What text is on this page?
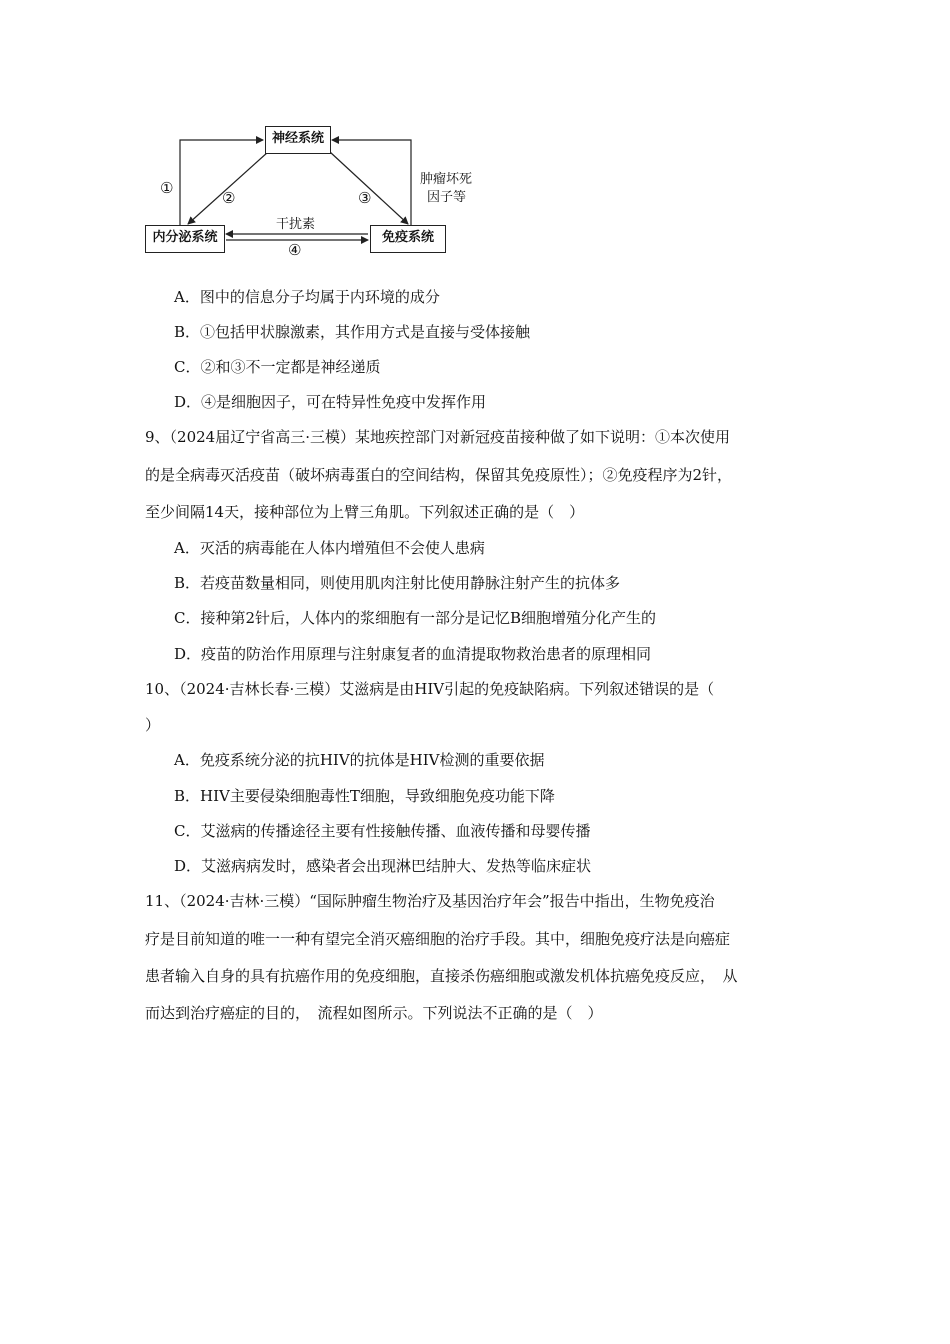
神经系统
内分泌系统	免疫系统
①
②	③
④
干扰素
肿瘤坏死
因子等
A．图中的信息分子均属于内环境的成分
B．①包括甲状腺激素，其作用方式是直接与受体接触
C．②和③不一定都是神经递质
D．④是细胞因子，可在特异性免疫中发挥作用
9、（2024届辽宁省高三·三模）某地疾控部门对新冠疫苗接种做了如下说明：①本次使用
的是全病毒灭活疫苗（破坏病毒蛋白的空间结构，保留其免疫原性）；②免疫程序为2针，
至少间隔14天，接种部位为上臂三角肌。下列叙述正确的是（　）
A．灭活的病毒能在人体内增殖但不会使人患病
B．若疫苗数量相同，则使用肌肉注射比使用静脉注射产生的抗体多
C．接种第2针后，人体内的浆细胞有一部分是记忆B细胞增殖分化产生的
D．疫苗的防治作用原理与注射康复者的血清提取物救治患者的原理相同
10、（2024·吉林长春·三模）艾滋病是由HIV引起的免疫缺陷病。下列叙述错误的是（
）
A．免疫系统分泌的抗HIV的抗体是HIV检测的重要依据
B．HIV主要侵染细胞毒性T细胞，导致细胞免疫功能下降
C．艾滋病的传播途径主要有性接触传播、血液传播和母婴传播
D．艾滋病病发时，感染者会出现淋巴结肿大、发热等临床症状
11、（2024·吉林·三模）“国际肿瘤生物治疗及基因治疗年会”报告中指出，生物免疫治
疗是目前知道的唯一一种有望完全消灭癌细胞的治疗手段。其中，细胞免疫疗法是向癌症
患者输入自身的具有抗癌作用的免疫细胞，直接杀伤癌细胞或激发机体抗癌免疫反应，　从
而达到治疗癌症的目的，　流程如图所示。下列说法不正确的是（　）
